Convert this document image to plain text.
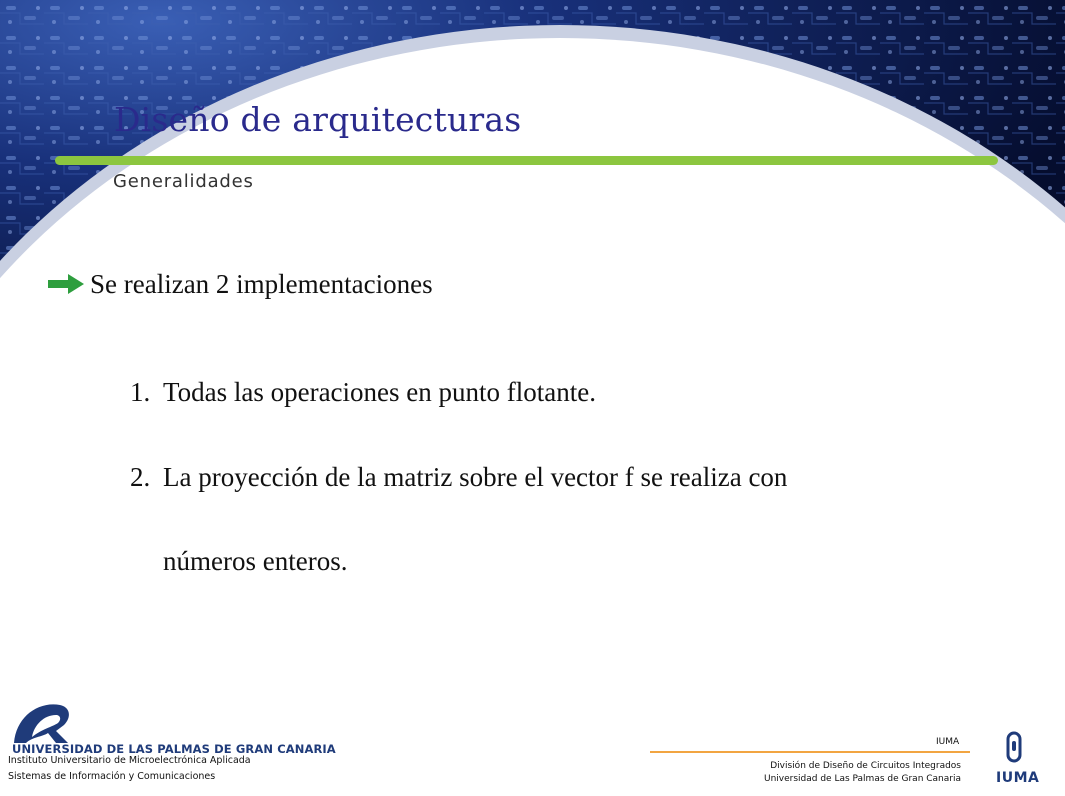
Diseño de arquitecturas
Generalidades
Se realizan 2 implementaciones
1. Todas las operaciones en punto flotante.
2. La proyección de la matriz sobre el vector f se realiza con
números enteros.
UNIVERSIDAD DE LAS PALMAS DE GRAN CANARIA
Instituto Universitario de Microelectrónica Aplicada
Sistemas de Información y Comunicaciones
IUMA
División de Diseño de Circuitos Integrados
Universidad de Las Palmas de Gran Canaria	IUMA
